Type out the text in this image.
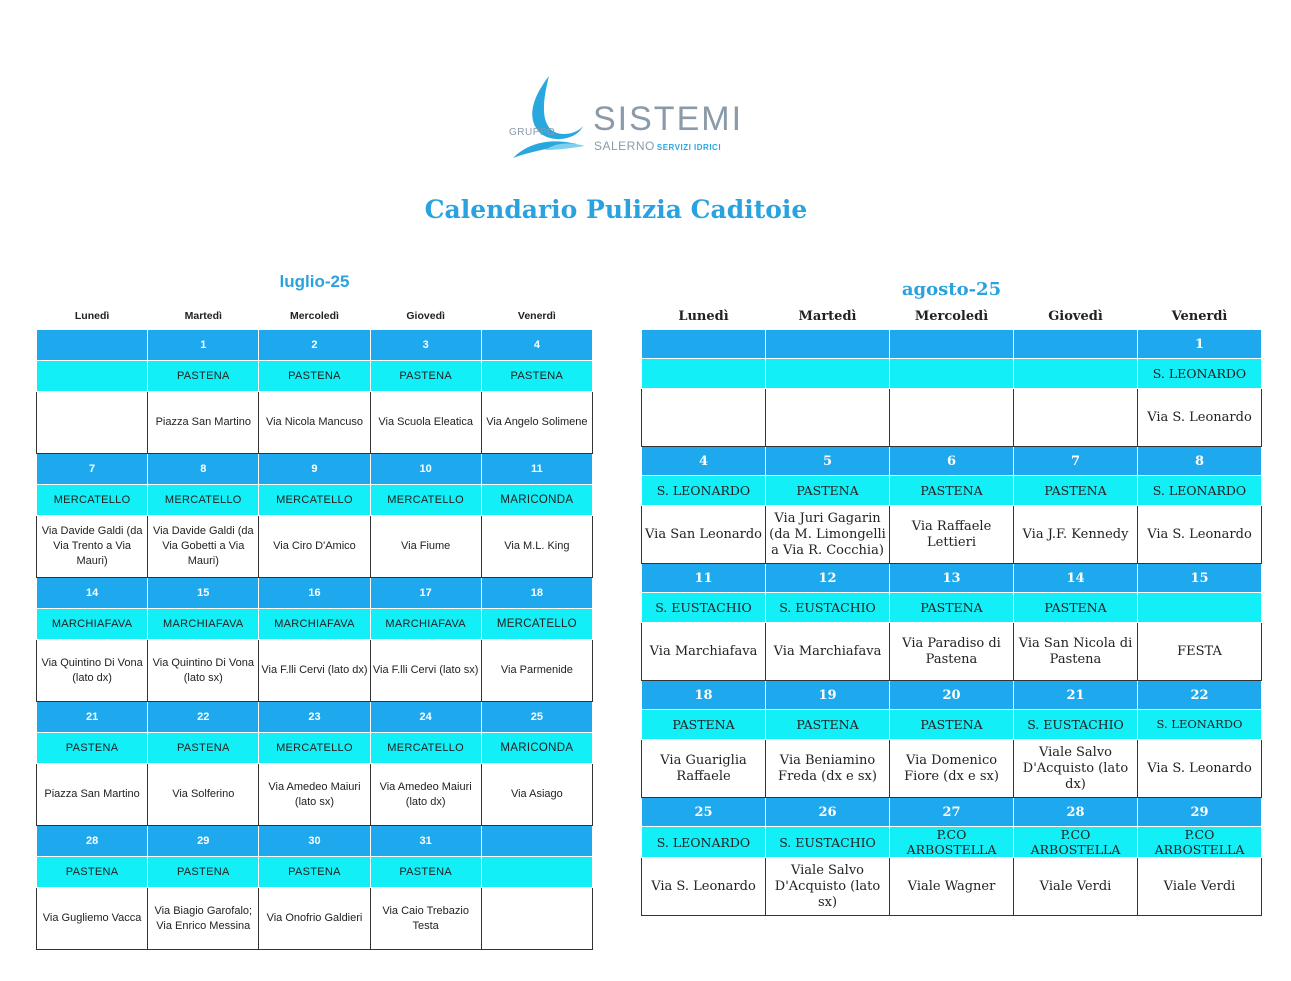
GRUPPO SISTEMI
SALERNO SERVIZI IDRICI
Calendario Pulizia Caditoie
luglio-25
Lunedì	Martedì	Mercoledì	Giovedì	Venerdì
	1	2	3	4
	PASTENA	PASTENA	PASTENA	PASTENA
	Piazza San Martino	Via Nicola Mancuso	Via Scuola Eleatica	Via Angelo Solimene
7	8	9	10	11
MERCATELLO	MERCATELLO	MERCATELLO	MERCATELLO	MARICONDA
Via Davide Galdi (da Via Trento a Via Mauri)	Via Davide Galdi (da Via Gobetti a Via Mauri)	Via Ciro D'Amico	Via Fiume	Via M.L. King
14	15	16	17	18
MARCHIAFAVA	MARCHIAFAVA	MARCHIAFAVA	MARCHIAFAVA	MERCATELLO
Via Quintino Di Vona (lato dx)	Via Quintino Di Vona (lato sx)	Via F.lli Cervi (lato dx)	Via F.lli Cervi (lato sx)	Via Parmenide
21	22	23	24	25
PASTENA	PASTENA	MERCATELLO	MERCATELLO	MARICONDA
Piazza San Martino	Via Solferino	Via Amedeo Maiuri (lato sx)	Via Amedeo Maiuri (lato dx)	Via Asiago
28	29	30	31	
PASTENA	PASTENA	PASTENA	PASTENA	
Via Gugliemo Vacca	Via Biagio Garofalo; Via Enrico Messina	Via Onofrio Galdieri	Via Caio Trebazio Testa	
agosto-25
Lunedì	Martedì	Mercoledì	Giovedì	Venerdì
				1
				S. LEONARDO
				Via S. Leonardo
4	5	6	7	8
S. LEONARDO	PASTENA	PASTENA	PASTENA	S. LEONARDO
Via San Leonardo	Via Juri Gagarin (da M. Limongelli a Via R. Cocchia)	Via Raffaele Lettieri	Via J.F. Kennedy	Via S. Leonardo
11	12	13	14	15
S. EUSTACHIO	S. EUSTACHIO	PASTENA	PASTENA	
Via Marchiafava	Via Marchiafava	Via Paradiso di Pastena	Via San Nicola di Pastena	FESTA
18	19	20	21	22
PASTENA	PASTENA	PASTENA	S. EUSTACHIO	S. LEONARDO
Via Guariglia Raffaele	Via Beniamino Freda (dx e sx)	Via Domenico Fiore (dx e sx)	Viale Salvo D'Acquisto (lato dx)	Via S. Leonardo
25	26	27	28	29
S. LEONARDO	S. EUSTACHIO	P.CO ARBOSTELLA	P.CO ARBOSTELLA	P.CO ARBOSTELLA
Via S. Leonardo	Viale Salvo D'Acquisto (lato sx)	Viale Wagner	Viale Verdi	Viale Verdi
